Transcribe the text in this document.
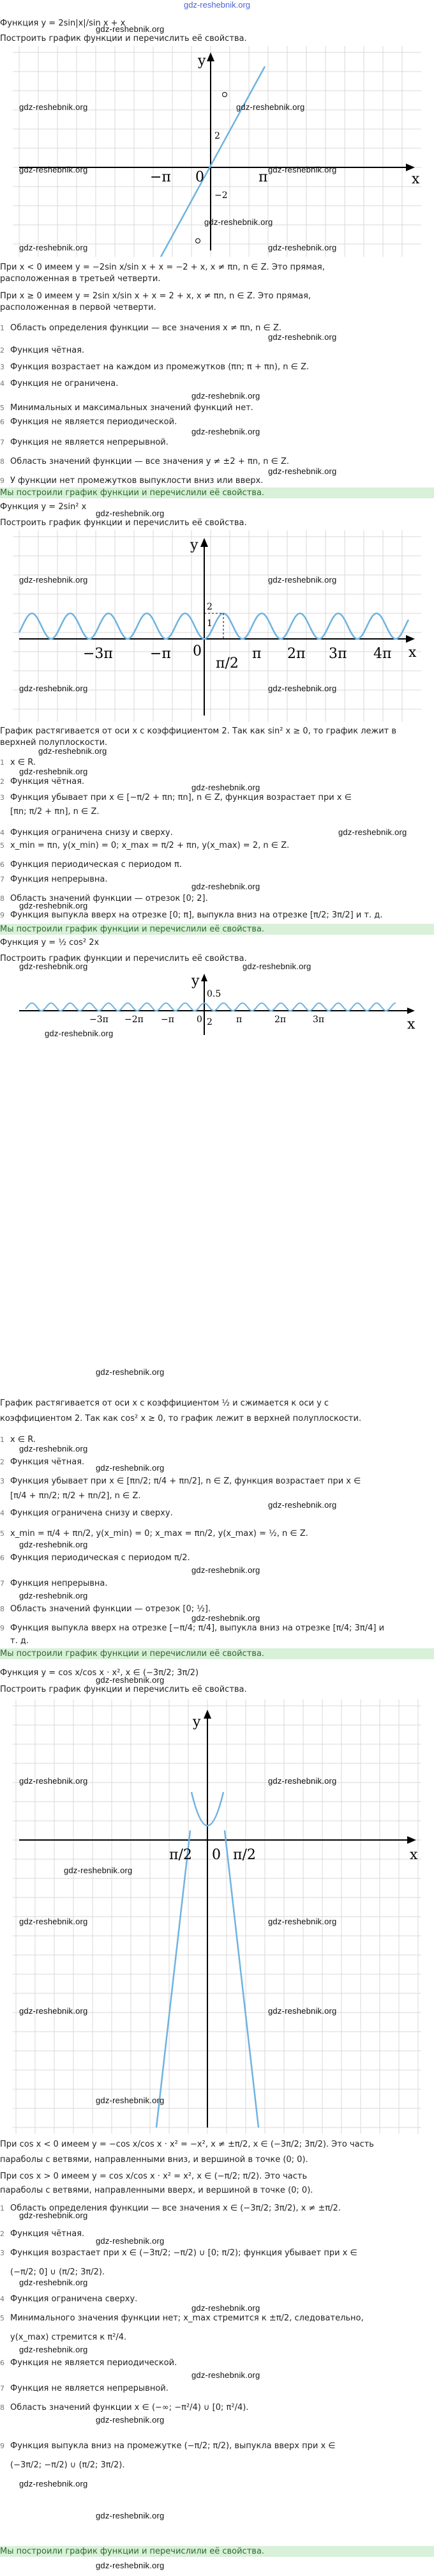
gdz-reshebnik.org
Функция y = 2sin|x|/sin x + x
Построить график функции и перечислить её свойства.
x
y
0
−π	π
2
−2
При x < 0 имеем y = −2sin x/sin x + x = −2 + x, x ≠ πn, n ∈ Z. Это прямая,
расположенная в третьей четверти.
При x ≥ 0 имеем y = 2sin x/sin x + x = 2 + x, x ≠ πn, n ∈ Z. Это прямая,
расположенная в первой четверти.
1 Область определения функции — все значения x ≠ πn, n ∈ Z.
2 Функция чётная.
3 Функция возрастает на каждом из промежутков (πn; π + πn), n ∈ Z.
4 Функция не ограничена.
5 Минимальных и максимальных значений функций нет.
6 Функция не является периодической.
7 Функция не является непрерывной.
8 Область значений функции — все значения y ≠ ±2 + πn, n ∈ Z.
9 У функции нет промежутков выпуклости вниз или вверх.
Мы построили график функции и перечислили её свойства.
Функция y = 2sin² x
Построить график функции и перечислить её свойства.
x
y
0
−3π	−π	π 2π 3π 4π
π/2
2
1
График растягивается от оси x с коэффициентом 2. Так как sin² x ≥ 0, то график лежит в
верхней полуплоскости.
1 x ∈ R.
2 Функция чётная.
3 Функция убывает при x ∈ [−π/2 + πn; πn], n ∈ Z, функция возрастает при x ∈
[πn; π/2 + πn], n ∈ Z.
4 Функция ограничена снизу и сверху.
5 x_min = πn, y(x_min) = 0; x_max = π/2 + πn, y(x_max) = 2, n ∈ Z.
6 Функция периодическая с периодом π.
7 Функция непрерывна.
8 Область значений функции — отрезок [0; 2].
9 Функция выпукла вверх на отрезке [0; π], выпукла вниз на отрезке [π/2; 3π/2] и т. д.
Мы построили график функции и перечислили её свойства.
Функция y = ½ cos² 2x
Построить график функции и перечислить её свойства.
x
y
0
−3π −2π −π	π	2π	3π
0.5
2
График растягивается от оси x с коэффициентом ½ и сжимается к оси y с
коэффициентом 2. Так как cos² x ≥ 0, то график лежит в верхней полуплоскости.
1 x ∈ R.
2 Функция чётная.
3 Функция убывает при x ∈ [πn/2; π/4 + πn/2], n ∈ Z, функция возрастает при x ∈
[π/4 + πn/2; π/2 + πn/2], n ∈ Z.
4 Функция ограничена снизу и сверху.
5 x_min = π/4 + πn/2, y(x_min) = 0; x_max = πn/2, y(x_max) = ½, n ∈ Z.
6 Функция периодическая с периодом π/2.
7 Функция непрерывна.
8 Область значений функции — отрезок [0; ½].
9 Функция выпукла вверх на отрезке [−π/4; π/4], выпукла вниз на отрезке [π/4; 3π/4] и
т. д.
Мы построили график функции и перечислили её свойства.
Функция y = cos x/cos x · x², x ∈ (−3π/2; 3π/2)
Построить график функции и перечислить её свойства.
x
y
0
π/2	π/2
При cos x < 0 имеем y = −cos x/cos x · x² = −x², x ≠ ±π/2, x ∈ (−3π/2; 3π/2). Это часть
параболы с ветвями, направленными вниз, и вершиной в точке (0; 0).
При cos x > 0 имеем y = cos x/cos x · x² = x², x ∈ (−π/2; π/2). Это часть
параболы с ветвями, направленными вверх, и вершиной в точке (0; 0).
1 Область определения функции — все значения x ∈ (−3π/2; 3π/2), x ≠ ±π/2.
2 Функция чётная.
3 Функция возрастает при x ∈ (−3π/2; −π/2) ∪ [0; π/2); функция убывает при x ∈
(−π/2; 0] ∪ (π/2; 3π/2).
4 Функция ограничена сверху.
5 Минимального значения функции нет; x_max стремится к ±π/2, следовательно,
y(x_max) стремится к π²/4.
6 Функция не является периодической.
7 Функция не является непрерывной.
8 Область значений функции x ∈ (−∞; −π²/4) ∪ [0; π²/4).
9 Функция выпукла вниз на промежутке (−π/2; π/2), выпукла вверх при x ∈
(−3π/2; −π/2) ∪ (π/2; 3π/2).
Мы построили график функции и перечислили её свойства.
gdz-reshebnik.org
gdz-reshebnik.org	gdz-reshebnik.org
gdz-reshebnik.org	gdz-reshebnik.org
gdz-reshebnik.org
gdz-reshebnik.org	gdz-reshebnik.org
gdz-reshebnik.org
gdz-reshebnik.org
gdz-reshebnik.org
gdz-reshebnik.org
gdz-reshebnik.org
gdz-reshebnik.org	gdz-reshebnik.org
gdz-reshebnik.org	gdz-reshebnik.org
gdz-reshebnik.org
gdz-reshebnik.org
gdz-reshebnik.org
gdz-reshebnik.org
gdz-reshebnik.org
gdz-reshebnik.org
gdz-reshebnik.org	gdz-reshebnik.org
gdz-reshebnik.org
gdz-reshebnik.org
gdz-reshebnik.org
gdz-reshebnik.org
gdz-reshebnik.org
gdz-reshebnik.org
gdz-reshebnik.org
gdz-reshebnik.org
gdz-reshebnik.org
gdz-reshebnik.org
gdz-reshebnik.org	gdz-reshebnik.org
gdz-reshebnik.org
gdz-reshebnik.org	gdz-reshebnik.org
gdz-reshebnik.org	gdz-reshebnik.org
gdz-reshebnik.org
gdz-reshebnik.org
gdz-reshebnik.org
gdz-reshebnik.org
gdz-reshebnik.org
gdz-reshebnik.org
gdz-reshebnik.org
gdz-reshebnik.org
gdz-reshebnik.org
gdz-reshebnik.org
gdz-reshebnik.org
